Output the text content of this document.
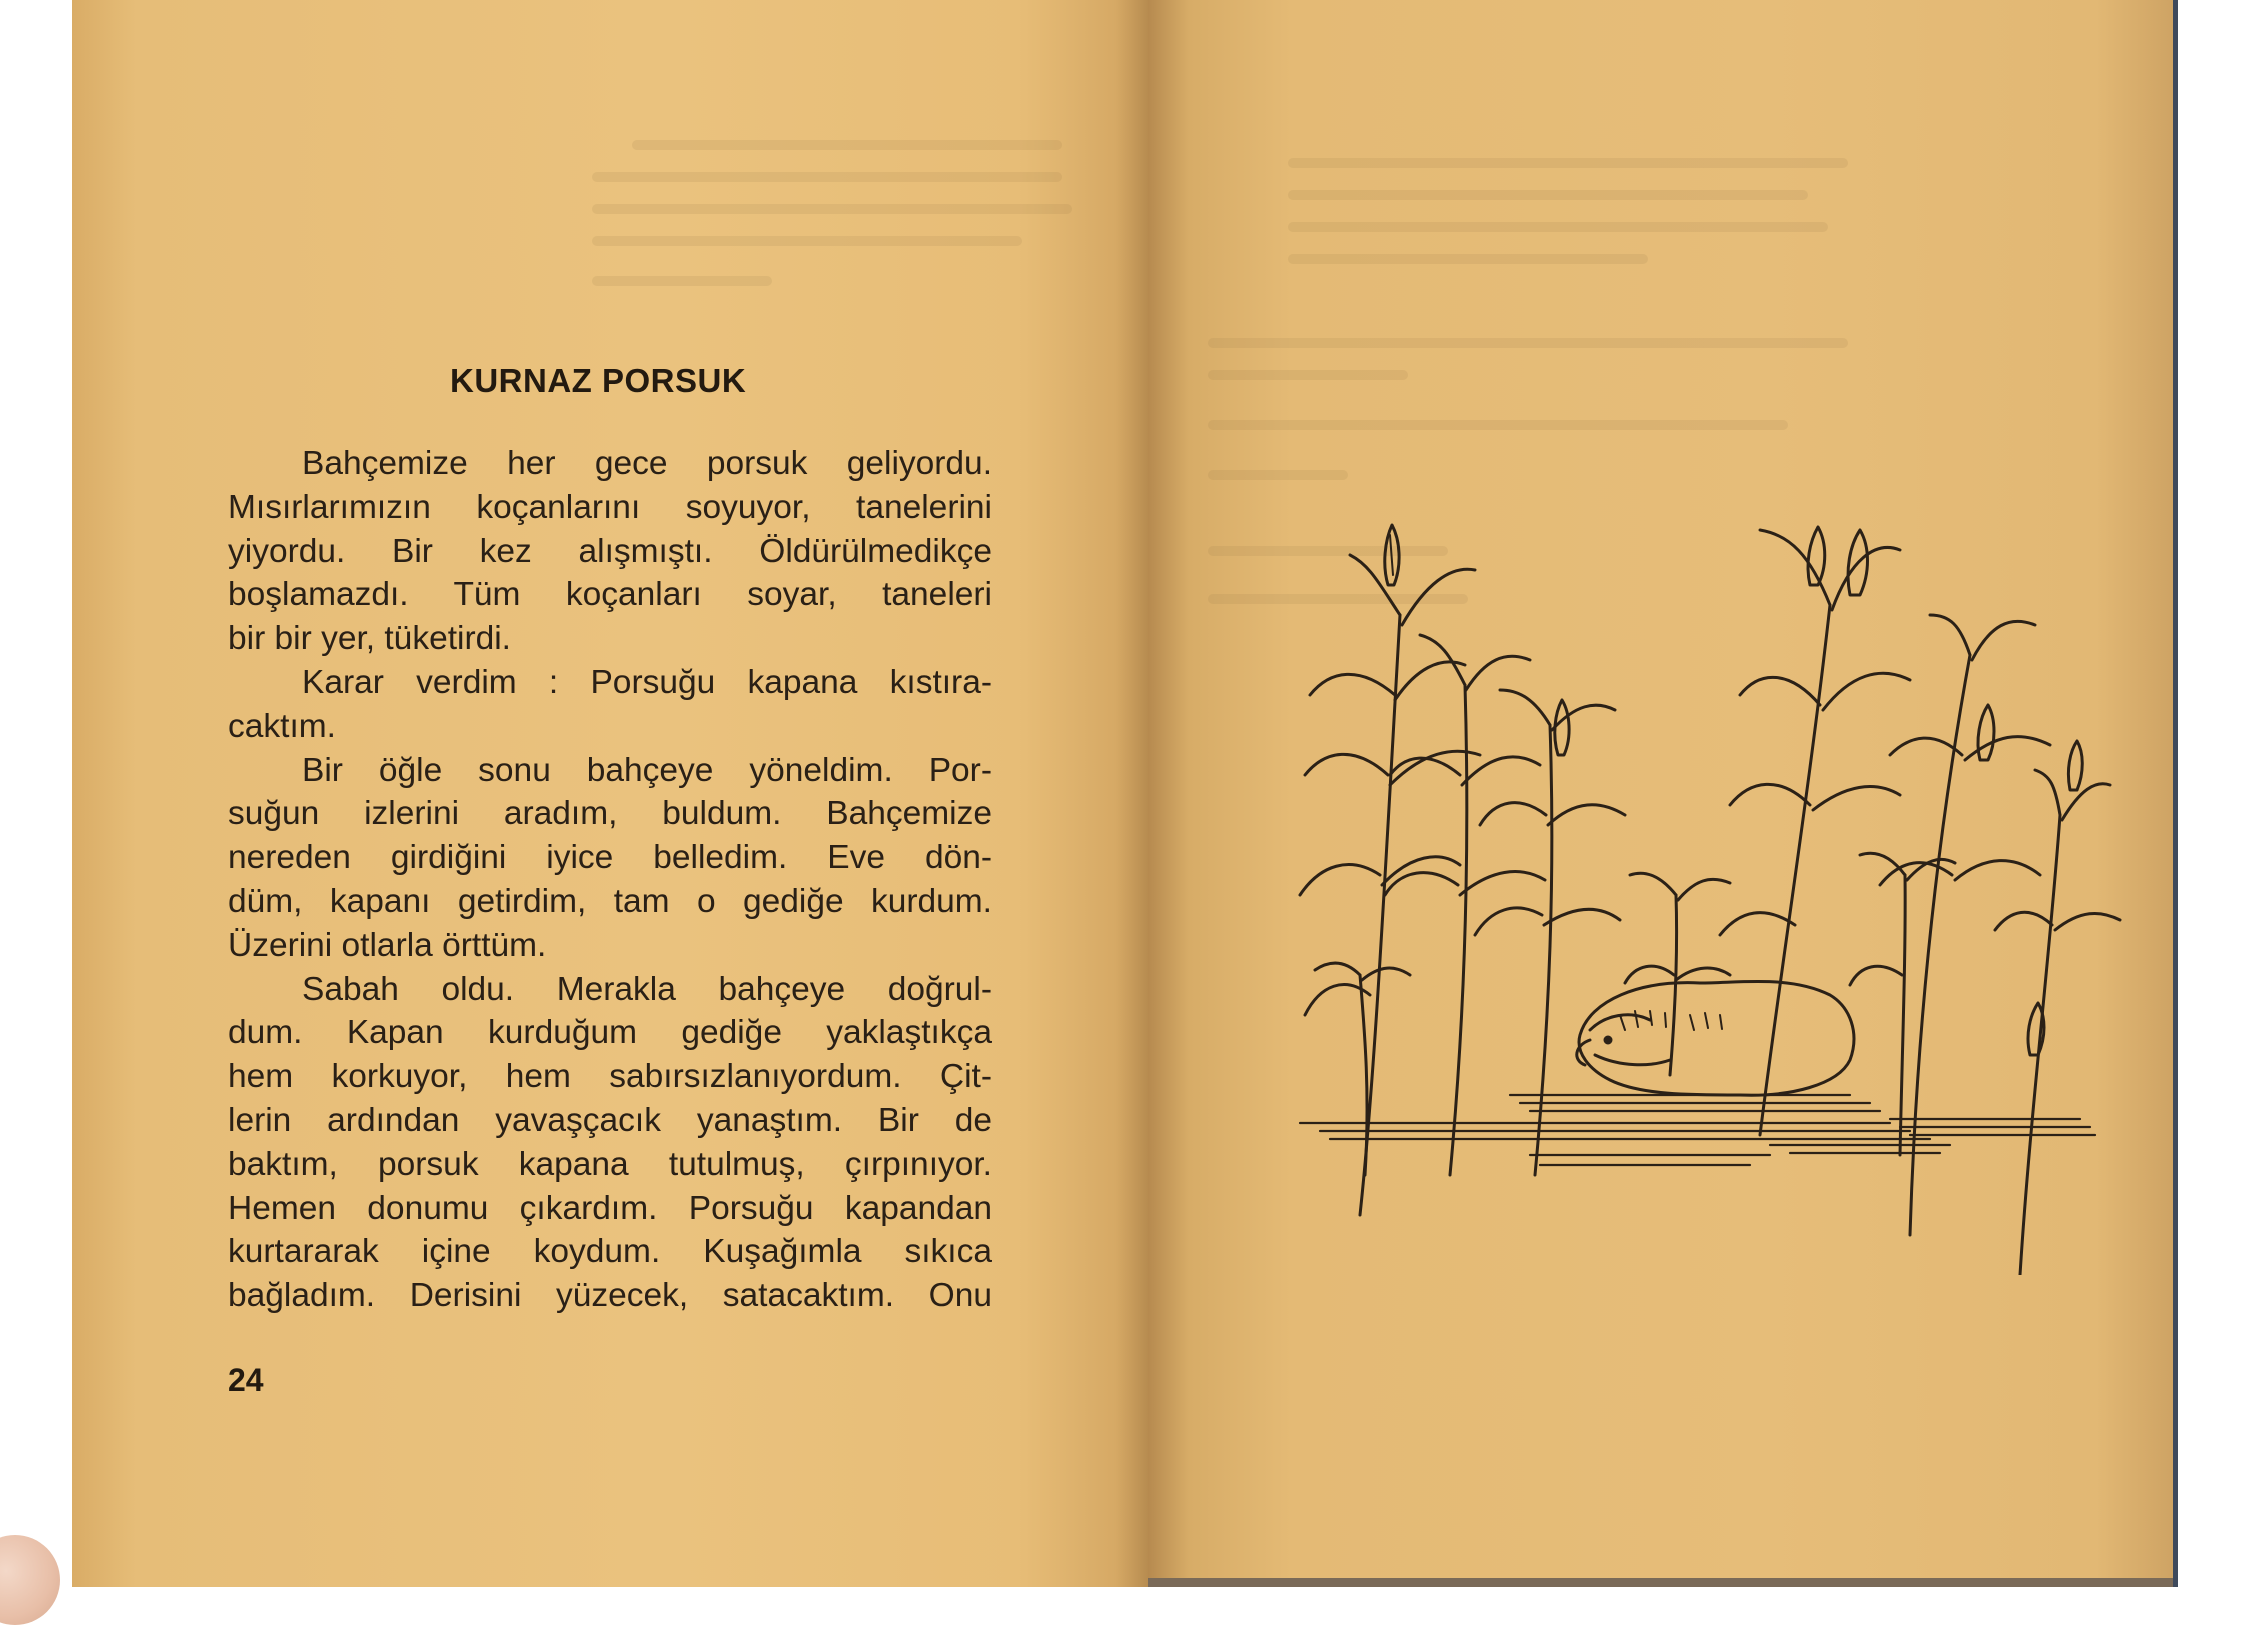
KURNAZ PORSUK
Bahçemize her gece porsuk geliyordu.
Mısırlarımızın koçanlarını soyuyor, tanelerini
yiyordu. Bir kez alışmıştı. Öldürülmedikçe
boşlamazdı. Tüm koçanları soyar, taneleri
bir bir yer, tüketirdi.
Karar verdim : Porsuğu kapana kıstıra-
caktım.
Bir öğle sonu bahçeye yöneldim. Por-
suğun izlerini aradım, buldum. Bahçemize
nereden girdiğini iyice belledim. Eve dön-
düm, kapanı getirdim, tam o gediğe kurdum.
Üzerini otlarla örttüm.
Sabah oldu. Merakla bahçeye doğrul-
dum. Kapan kurduğum gediğe yaklaştıkça
hem korkuyor, hem sabırsızlanıyordum. Çit-
lerin ardından yavaşçacık yanaştım. Bir de
baktım, porsuk kapana tutulmuş, çırpınıyor.
Hemen donumu çıkardım. Porsuğu kapandan
kurtararak içine koydum. Kuşağımla sıkıca
bağladım. Derisini yüzecek, satacaktım. Onu
24
